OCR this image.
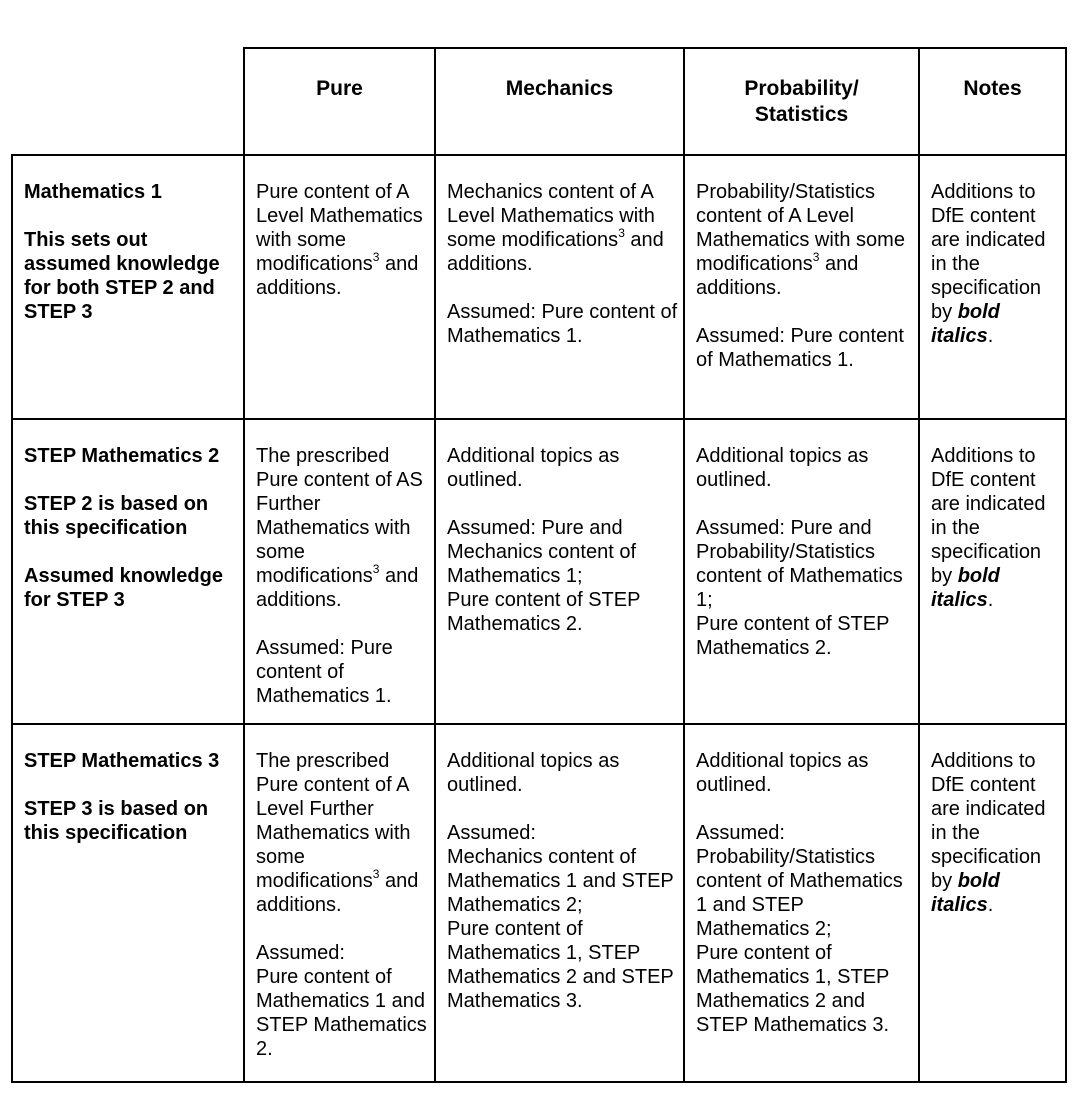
Pure	Mechanics	Probability/
Statistics
Notes

Mathematics 1

This sets out assumed knowledge for both STEP 2 and STEP 3

Pure content of A Level Mathematics with some modifications$^3$ and additions.

Mechanics content of A Level Mathematics with some modifications$^3$ and additions.

Assumed: Pure content of Mathematics 1.

Probability/Statistics content of A Level Mathematics with some modifications$^3$ and additions.

Assumed: Pure content of Mathematics 1.

Additions to DfE content are indicated in the specification by bold italics.

STEP Mathematics 2

STEP 2 is based on this specification

Assumed knowledge for STEP 3

The prescribed Pure content of AS Further Mathematics with some modifications$^3$ and additions.

Assumed: Pure content of Mathematics 1.

Additional topics as outlined.

Assumed: Pure and Mechanics content of Mathematics 1;
Pure content of STEP Mathematics 2.

Additional topics as outlined.

Assumed: Pure and Probability/Statistics content of Mathematics 1;
Pure content of STEP Mathematics 2.

Additions to DfE content are indicated in the specification by bold italics.

STEP Mathematics 3

STEP 3 is based on this specification

The prescribed Pure content of A Level Further Mathematics with some modifications$^3$ and additions.

Assumed:
Pure content of Mathematics 1 and STEP Mathematics 2.

Additional topics as outlined.

Assumed:
Mechanics content of Mathematics 1 and STEP Mathematics 2;
Pure content of Mathematics 1, STEP Mathematics 2 and STEP Mathematics 3.

Additional topics as outlined.

Assumed:
Probability/Statistics content of Mathematics 1 and STEP Mathematics 2;
Pure content of Mathematics 1, STEP Mathematics 2 and STEP Mathematics 3.

Additions to DfE content are indicated in the specification by bold italics.
